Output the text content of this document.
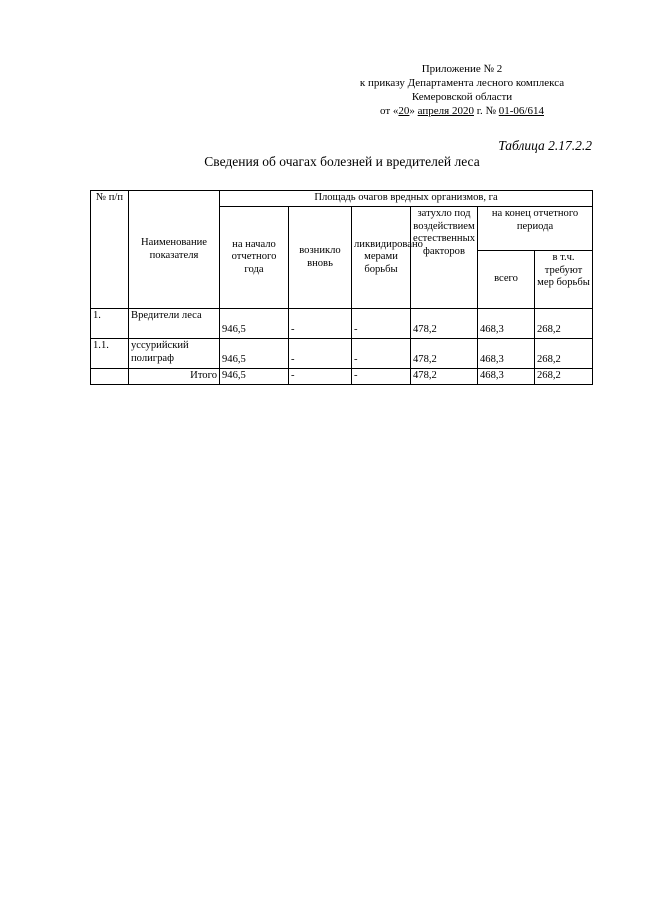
Приложение № 2
к приказу Департамента лесного комплекса
Кемеровской области
от «20» апреля 2020 г. № 01-06/614
Таблица 2.17.2.2
Сведения об очагах болезней и вредителей леса
№ п/п	Наименование показателя	Площадь очагов вредных организмов, га					
		на начало отчетного года	возникло вновь	ликвидировано мерами борьбы	затухло под воздействием естественных факторов	на конец отчетного периода	
						всего	в т.ч. требуют мер борьбы
1.	Вредители леса	946,5	-	-	478,2	468,3	268,2
1.1.	уссурийский полиграф	946,5	-	-	478,2	468,3	268,2
	Итого	946,5	-	-	478,2	468,3	268,2
